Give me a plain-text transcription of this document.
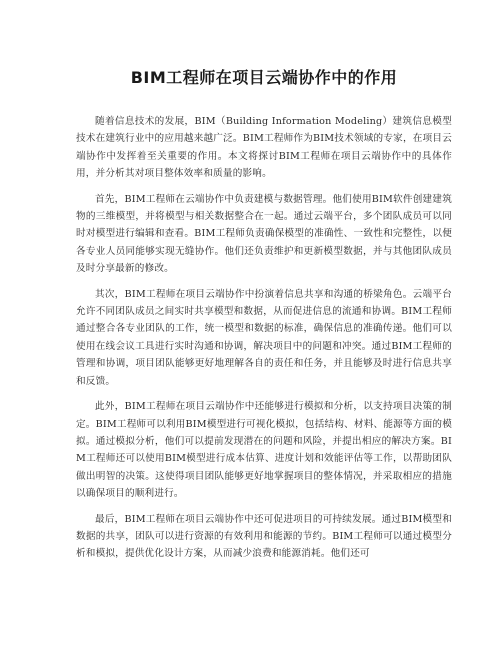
BIM工程师在项目云端协作中的作用

随着信息技术的发展，BIM（Building Information Modeling）建筑信息模型技术在建筑行业中的应用越来越广泛。BIM工程师作为BIM技术领域的专家，在项目云端协作中发挥着至关重要的作用。本文将探讨BIM工程师在项目云端协作中的具体作用，并分析其对项目整体效率和质量的影响。

首先，BIM工程师在云端协作中负责建模与数据管理。他们使用BIM软件创建建筑物的三维模型，并将模型与相关数据整合在一起。通过云端平台，多个团队成员可以同时对模型进行编辑和查看。BIM工程师负责确保模型的准确性、一致性和完整性，以便各专业人员同能够实现无缝协作。他们还负责维护和更新模型数据，并与其他团队成员及时分享最新的修改。

其次，BIM工程师在项目云端协作中扮演着信息共享和沟通的桥梁角色。云端平台允许不同团队成员之间实时共享模型和数据，从而促进信息的流通和协调。BIM工程师通过整合各专业团队的工作，统一模型和数据的标准，确保信息的准确传递。他们可以使用在线会议工具进行实时沟通和协调，解决项目中的问题和冲突。通过BIM工程师的管理和协调，项目团队能够更好地理解各自的责任和任务，并且能够及时进行信息共享和反馈。

此外，BIM工程师在项目云端协作中还能够进行模拟和分析，以支持项目决策的制定。BIM工程师可以利用BIM模型进行可视化模拟，包括结构、材料、能源等方面的模拟。通过模拟分析，他们可以提前发现潜在的问题和风险，并提出相应的解决方案。BIM工程师还可以使用BIM模型进行成本估算、进度计划和效能评估等工作，以帮助团队做出明智的决策。这使得项目团队能够更好地掌握项目的整体情况，并采取相应的措施以确保项目的顺利进行。

最后，BIM工程师在项目云端协作中还可促进项目的可持续发展。通过BIM模型和数据的共享，团队可以进行资源的有效利用和能源的节约。BIM工程师可以通过模型分析和模拟，提供优化设计方案，从而减少浪费和能源消耗。他们还可
